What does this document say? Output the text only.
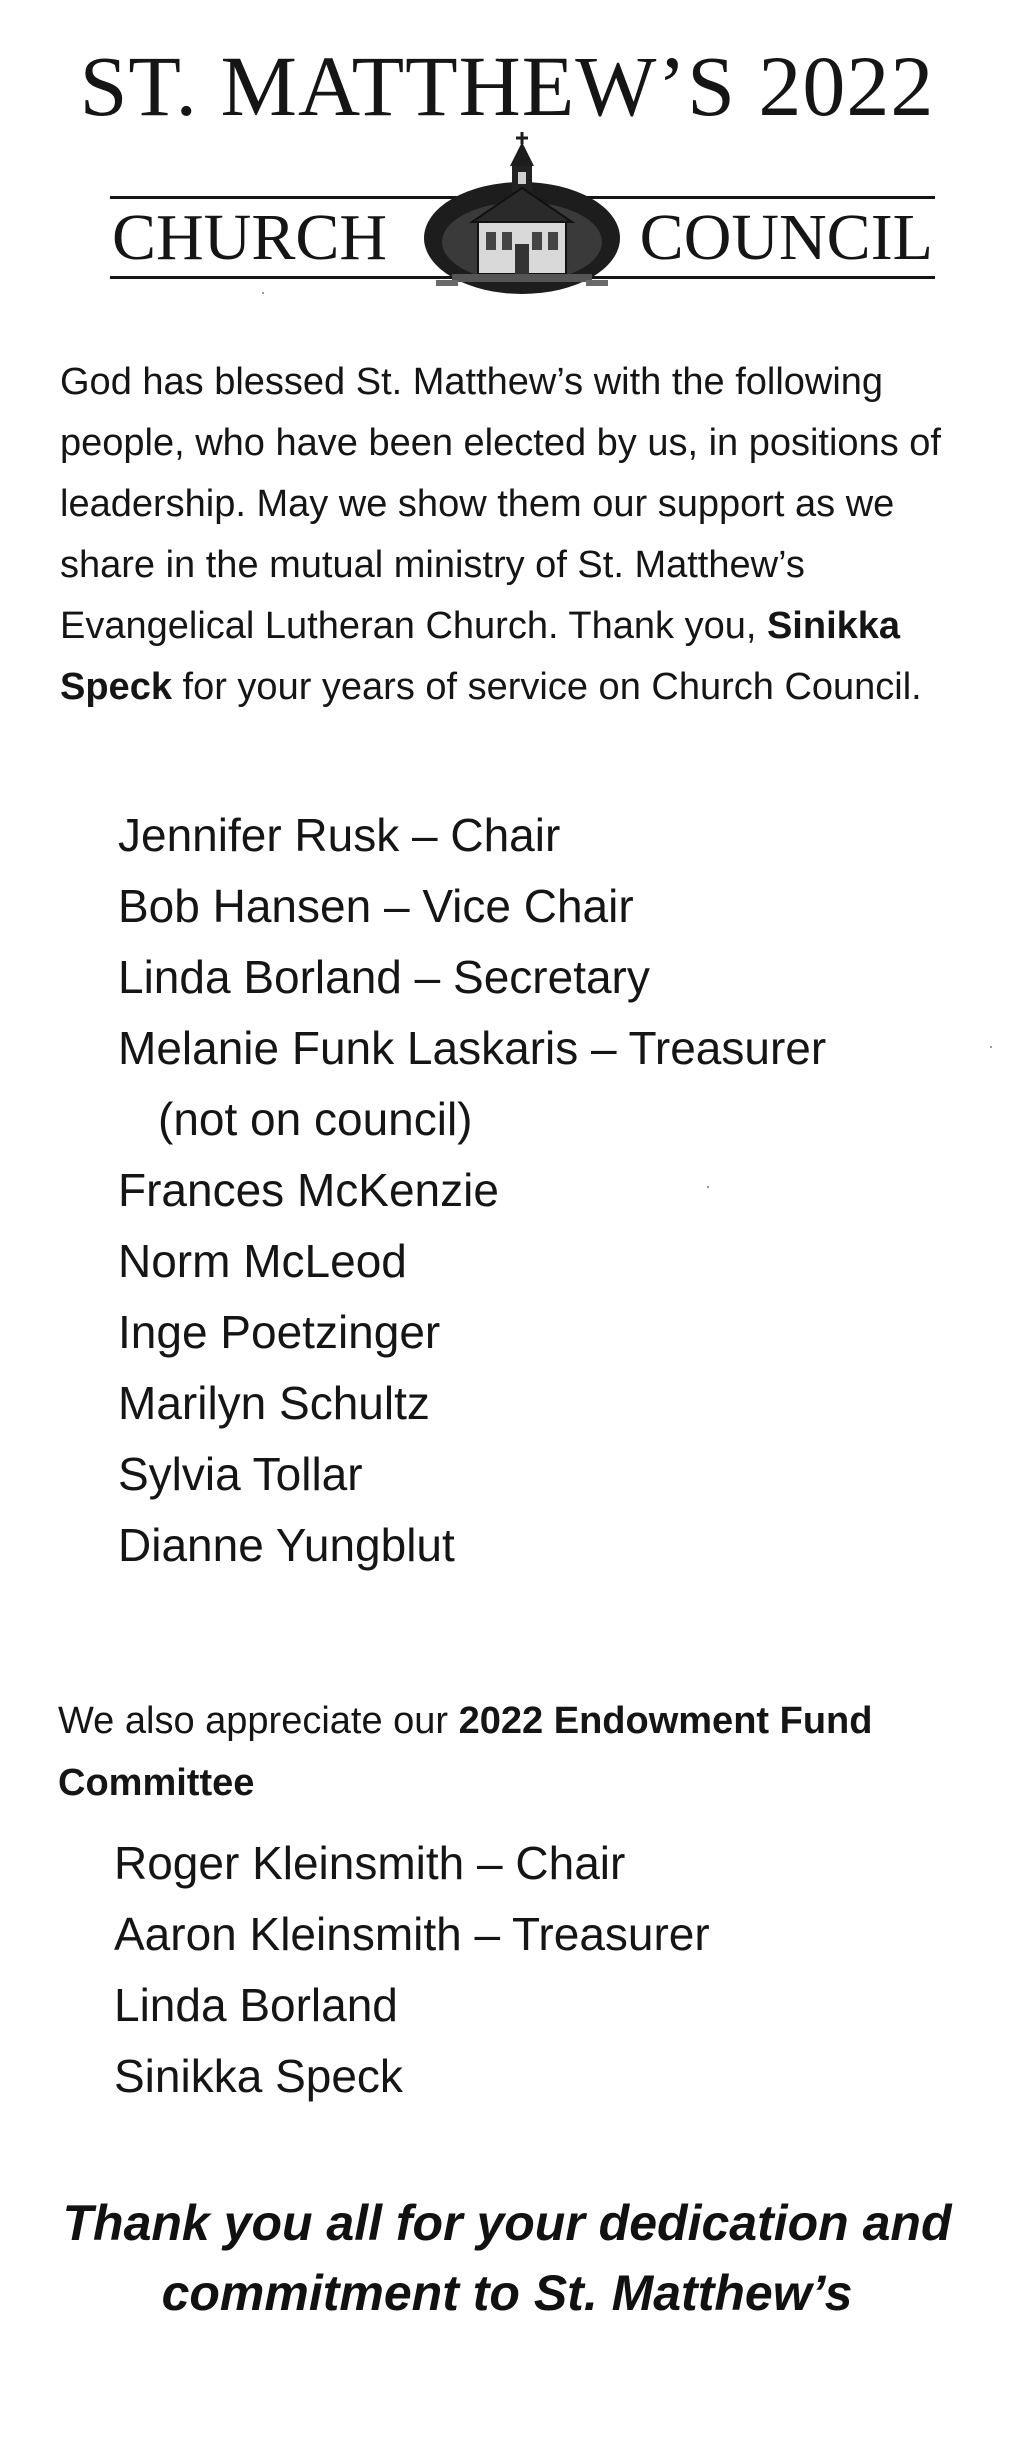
ST. MATTHEW’S 2022
CHURCH	COUNCIL

God has blessed St. Matthew’s with the following people, who have been elected by us, in positions of leadership. May we show them our support as we share in the mutual ministry of St. Matthew’s Evangelical Lutheran Church. Thank you, Sinikka Speck for your years of service on Church Council.

Jennifer Rusk – Chair
Bob Hansen – Vice Chair
Linda Borland – Secretary
Melanie Funk Laskaris – Treasurer
(not on council)
Frances McKenzie
Norm McLeod
Inge Poetzinger
Marilyn Schultz
Sylvia Tollar
Dianne Yungblut

We also appreciate our 2022 Endowment Fund Committee

Roger Kleinsmith – Chair
Aaron Kleinsmith – Treasurer
Linda Borland
Sinikka Speck

Thank you all for your dedication and
commitment to St. Matthew’s
